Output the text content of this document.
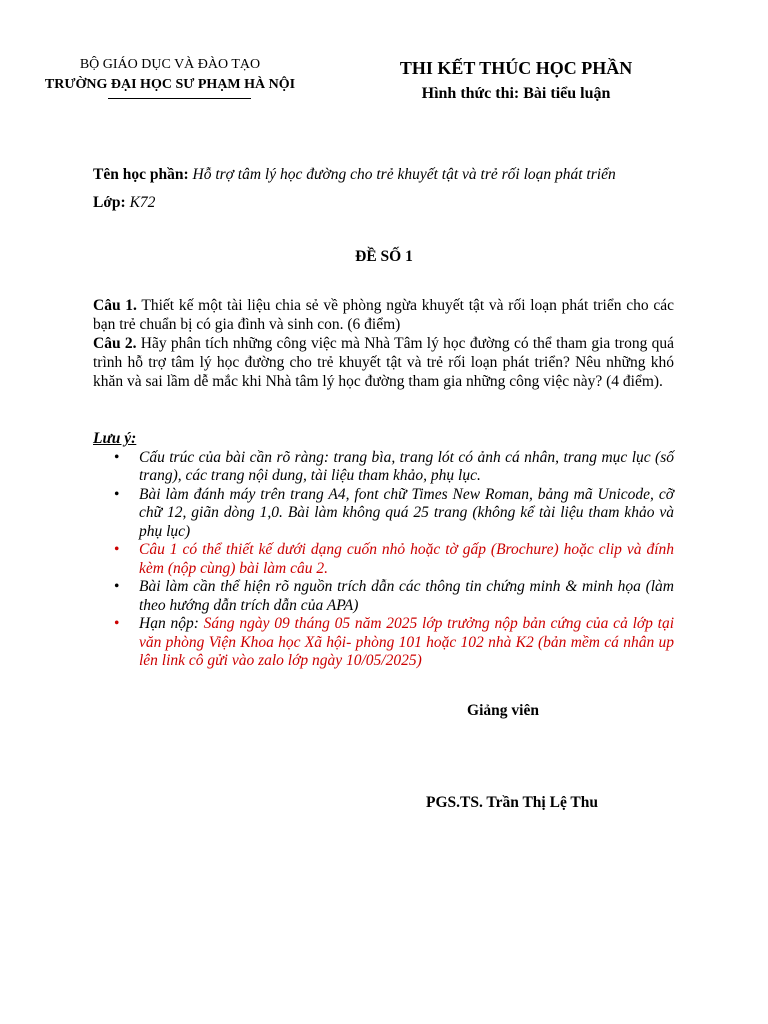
BỘ GIÁO DỤC VÀ ĐÀO TẠO
TRƯỜNG ĐẠI HỌC SƯ PHẠM HÀ NỘI
THI KẾT THÚC HỌC PHẦN
Hình thức thi: Bài tiểu luận
Tên học phần: Hỗ trợ tâm lý học đường cho trẻ khuyết tật và trẻ rối loạn phát triển
Lớp: K72
ĐỀ SỐ 1

Câu 1. Thiết kế một tài liệu chia sẻ về phòng ngừa khuyết tật và rối loạn phát triển cho các bạn trẻ chuẩn bị có gia đình và sinh con. (6 điểm)

Câu 2. Hãy phân tích những công việc mà Nhà Tâm lý học đường có thể tham gia trong quá trình hỗ trợ tâm lý học đường cho trẻ khuyết tật và trẻ rối loạn phát triển? Nêu những khó khăn và sai lầm dễ mắc khi Nhà tâm lý học đường tham gia những công việc này? (4 điểm).

Lưu ý:
• Cấu trúc của bài cần rõ ràng: trang bìa, trang lót có ảnh cá nhân, trang mục lục (số trang), các trang nội dung, tài liệu tham khảo, phụ lục.
• Bài làm đánh máy trên trang A4, font chữ Times New Roman, bảng mã Unicode, cỡ chữ 12, giãn dòng 1,0. Bài làm không quá 25 trang (không kể tài liệu tham khảo và phụ lục)
• Câu 1 có thể thiết kế dưới dạng cuốn nhỏ hoặc tờ gấp (Brochure) hoặc clip và đính kèm (nộp cùng) bài làm câu 2.
• Bài làm cần thể hiện rõ nguồn trích dẫn các thông tin chứng minh & minh họa (làm theo hướng dẫn trích dẫn của APA)
• Hạn nộp: Sáng ngày 09 tháng 05 năm 2025 lớp trưởng nộp bản cứng của cả lớp tại văn phòng Viện Khoa học Xã hội- phòng 101 hoặc 102 nhà K2 (bản mềm cá nhân up lên link cô gửi vào zalo lớp ngày 10/05/2025)
Giảng viên
PGS.TS. Trần Thị Lệ Thu
